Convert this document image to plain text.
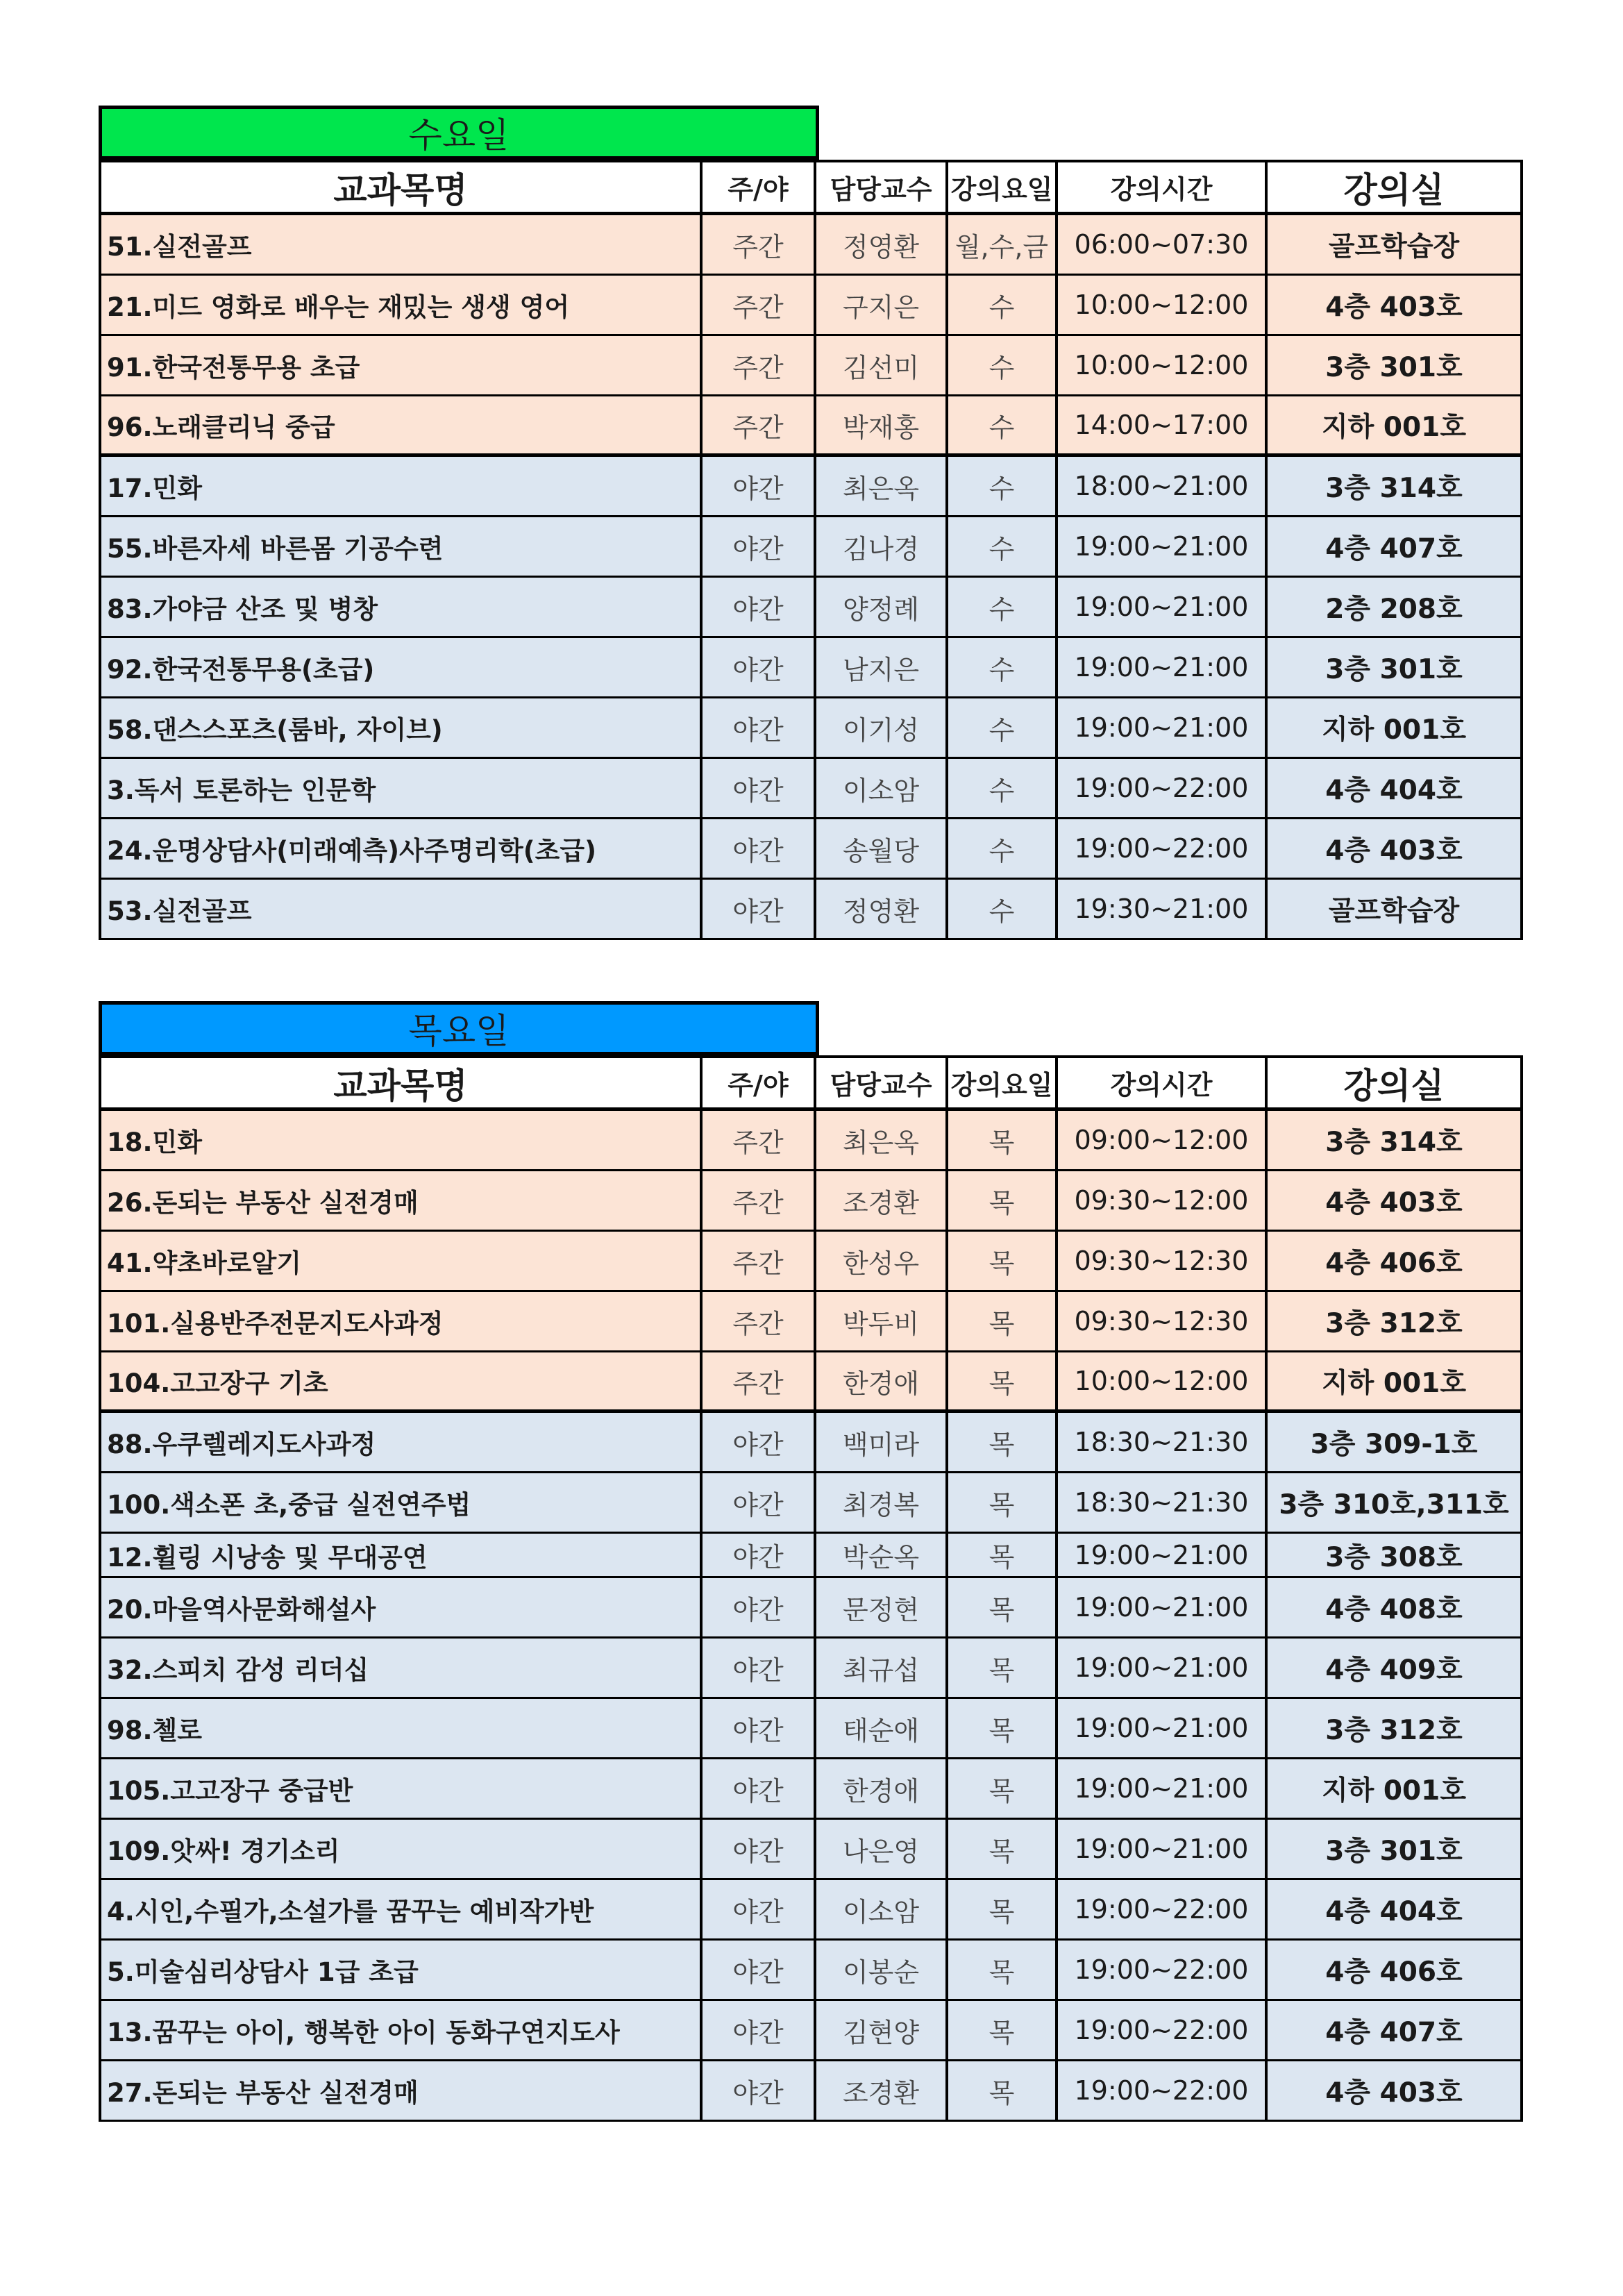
수요일
교과목명	주/야	담당교수 강의요일	강의시간	강의실
51.실전골프	주간	정영환	월,수,금 06:00~07:30	골프학습장
21.미드 영화로 배우는 재밌는 생생 영어	주간	구지은	수	10:00~12:00	4층 403호
91.한국전통무용 초급	주간	김선미	수	10:00~12:00	3층 301호
96.노래클리닉 중급	주간	박재홍	수	14:00~17:00	지하 001호
17.민화	야간	최은옥	수	18:00~21:00	3층 314호
55.바른자세 바른몸 기공수련	야간	김나경	수	19:00~21:00	4층 407호
83.가야금 산조 및 병창	야간	양정례	수	19:00~21:00	2층 208호
92.한국전통무용(초급)	야간	남지은	수	19:00~21:00	3층 301호
58.댄스스포츠(룸바, 자이브)	야간	이기성	수	19:00~21:00	지하 001호
3.독서 토론하는 인문학	야간	이소암	수	19:00~22:00	4층 404호
24.운명상담사(미래예측)사주명리학(초급)	야간	송월당	수	19:00~22:00	4층 403호
53.실전골프	야간	정영환	수	19:30~21:00	골프학습장
목요일
교과목명	주/야	담당교수 강의요일	강의시간	강의실
18.민화	주간	최은옥	목	09:00~12:00	3층 314호
26.돈되는 부동산 실전경매	주간	조경환	목	09:30~12:00	4층 403호
41.약초바로알기	주간	한성우	목	09:30~12:30	4층 406호
101.실용반주전문지도사과정	주간	박두비	목	09:30~12:30	3층 312호
104.고고장구 기초	주간	한경애	목	10:00~12:00	지하 001호
88.우쿠렐레지도사과정	야간	백미라	목	18:30~21:30	3층 309-1호
100.색소폰 초,중급 실전연주법	야간	최경복	목	18:30~21:30	3층 310호,311호
12.휠링 시낭송 및 무대공연	야간	박순옥	목	19:00~21:00	3층 308호
20.마을역사문화해설사	야간	문정현	목	19:00~21:00	4층 408호
32.스피치 감성 리더십	야간	최규섭	목	19:00~21:00	4층 409호
98.첼로	야간	태순애	목	19:00~21:00	3층 312호
105.고고장구 중급반	야간	한경애	목	19:00~21:00	지하 001호
109.앗싸! 경기소리	야간	나은영	목	19:00~21:00	3층 301호
4.시인,수필가,소설가를 꿈꾸는 예비작가반	야간	이소암	목	19:00~22:00	4층 404호
5.미술심리상담사 1급 초급	야간	이봉순	목	19:00~22:00	4층 406호
13.꿈꾸는 아이, 행복한 아이 동화구연지도사	야간	김현양	목	19:00~22:00	4층 407호
27.돈되는 부동산 실전경매	야간	조경환	목	19:00~22:00	4층 403호
